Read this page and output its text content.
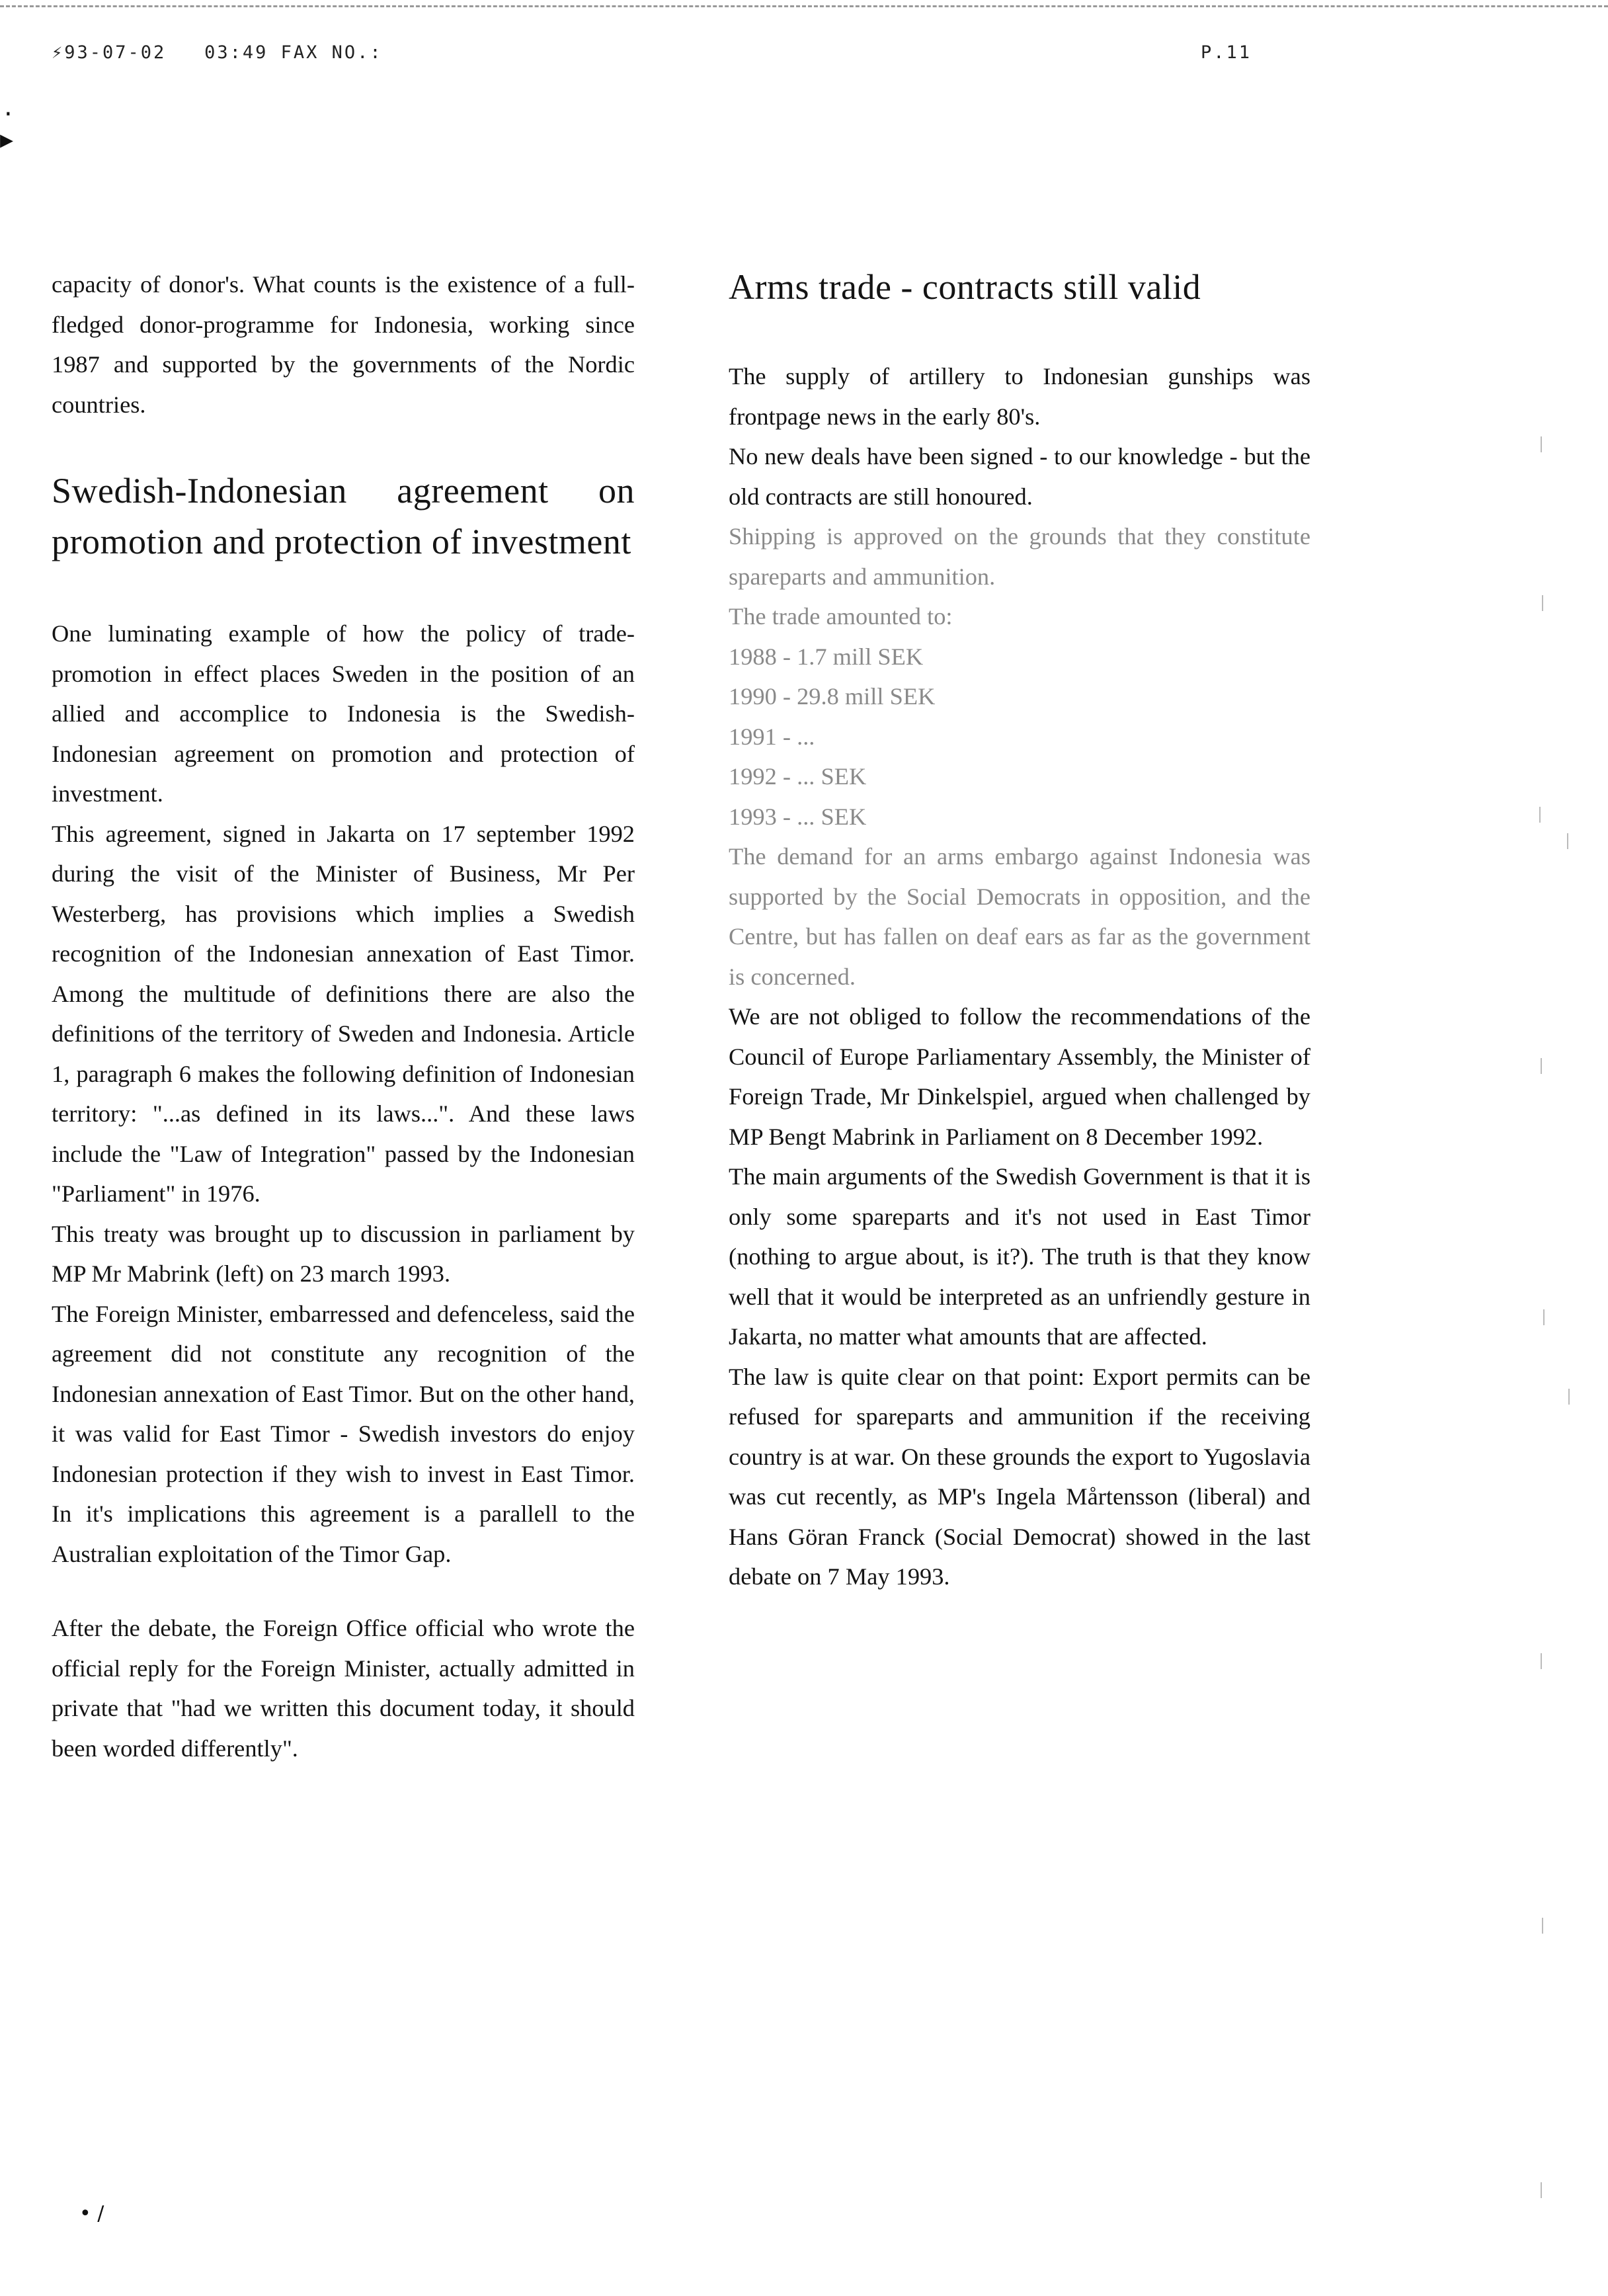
⚡93-07-02   03:49 FAX NO.:	P.11
·
▸

capacity of donor's. What counts is the existence of a full-fledged donor-programme for Indonesia, working since 1987 and supported by the governments of the Nordic countries.

Swedish-Indonesian agreement on promotion and protection of investment

One luminating example of how the policy of trade-promotion in effect places Sweden in the position of an allied and accomplice to Indonesia is the Swedish-Indonesian agreement on promotion and protection of investment.

This agreement, signed in Jakarta on 17 september 1992 during the visit of the Minister of Business, Mr Per Westerberg, has provisions which implies a Swedish recognition of the Indonesian annexation of East Timor. Among the multitude of definitions there are also the definitions of the territory of Sweden and Indonesia. Article 1, paragraph 6 makes the following definition of Indonesian territory: "...as defined in its laws...". And these laws include the "Law of Integration" passed by the Indonesian "Parliament" in 1976.

This treaty was brought up to discussion in parliament by MP Mr Mabrink (left) on 23 march 1993.

The Foreign Minister, embarressed and defenceless, said the agreement did not constitute any recognition of the Indonesian annexation of East Timor. But on the other hand, it was valid for East Timor - Swedish investors do enjoy Indonesian protection if they wish to invest in East Timor. In it's implications this agreement is a parallell to the Australian exploitation of the Timor Gap.

After the debate, the Foreign Office official who wrote the official reply for the Foreign Minister, actually admitted in private that "had we written this document today, it should been worded differently".

Arms trade - contracts still valid

The supply of artillery to Indonesian gunships was frontpage news in the early 80's.

No new deals have been signed - to our knowledge - but the old contracts are still honoured.

Shipping is approved on the grounds that they constitute spareparts and ammunition.

The trade amounted to:

1988 - 1.7 mill SEK

1990 - 29.8 mill SEK

1991 - ...

1992 - ... SEK

1993 - ... SEK

The demand for an arms embargo against Indonesia was supported by the Social Democrats in opposition, and the Centre, but has fallen on deaf ears as far as the government is concerned.

We are not obliged to follow the recommendations of the Council of Europe Parliamentary Assembly, the Minister of Foreign Trade, Mr Dinkelspiel, argued when challenged by MP Bengt Mabrink in Parliament on 8 December 1992.

The main arguments of the Swedish Government is that it is only some spareparts and it's not used in East Timor (nothing to argue about, is it?). The truth is that they know well that it would be interpreted as an unfriendly gesture in Jakarta, no matter what amounts that are affected.

The law is quite clear on that point: Export permits can be refused for spareparts and ammunition if the receiving country is at war. On these grounds the export to Yugoslavia was cut recently, as MP's Ingela Mårtensson (liberal) and Hans Göran Franck (Social Democrat) showed in the last debate on 7 May 1993.

• /
